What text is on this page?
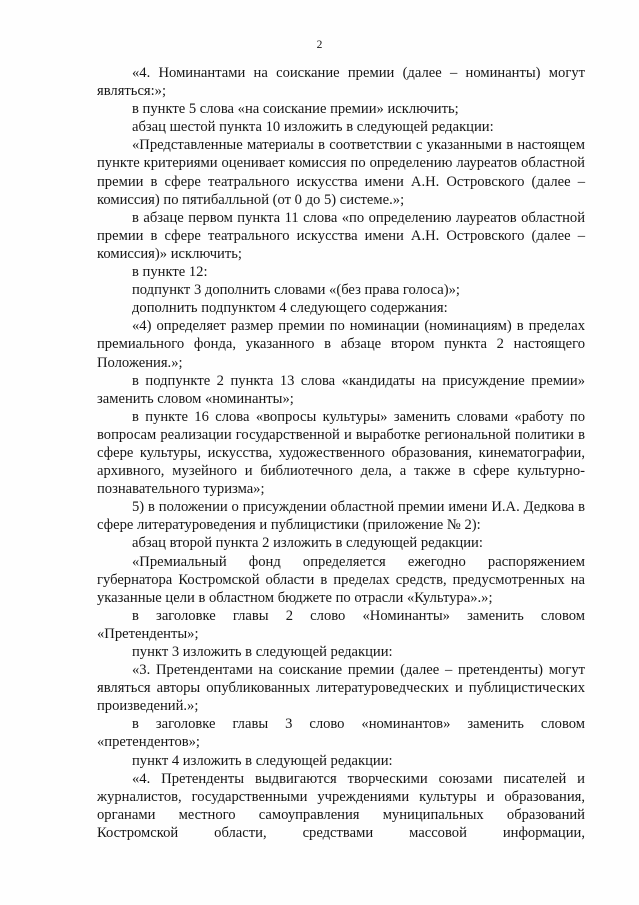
2

«4. Номинантами на соискание премии (далее – номинанты) могут являться:»;

в пункте 5 слова «на соискание премии» исключить;

абзац шестой пункта 10 изложить в следующей редакции:

«Представленные материалы в соответствии с указанными в настоящем пункте критериями оценивает комиссия по определению лауреатов областной премии в сфере театрального искусства имени А.Н. Островского (далее – комиссия) по пятибалльной (от 0 до 5) системе.»;

в абзаце первом пункта 11 слова «по определению лауреатов областной премии в сфере театрального искусства имени А.Н. Островского (далее – комиссия)» исключить;

в пункте 12:

подпункт 3 дополнить словами «(без права голоса)»;

дополнить подпунктом 4 следующего содержания:

«4) определяет размер премии по номинации (номинациям) в пределах премиального фонда, указанного в абзаце втором пункта 2 настоящего Положения.»;

в подпункте 2 пункта 13 слова «кандидаты на присуждение премии» заменить словом «номинанты»;

в пункте 16 слова «вопросы культуры» заменить словами «работу по вопросам реализации государственной и выработке региональной политики в сфере культуры, искусства, художественного образования, кинематографии, архивного, музейного и библиотечного дела, а также в сфере культурно-познавательного туризма»;

5) в положении о присуждении областной премии имени И.А. Дедкова в сфере литературоведения и публицистики (приложение № 2):

абзац второй пункта 2 изложить в следующей редакции:

«Премиальный фонд определяется ежегодно распоряжением губернатора Костромской области в пределах средств, предусмотренных на указанные цели в областном бюджете по отрасли «Культура».»;

в заголовке главы 2 слово «Номинанты» заменить словом «Претенденты»;

пункт 3 изложить в следующей редакции:

«3. Претендентами на соискание премии (далее – претенденты) могут являться авторы опубликованных литературоведческих и публицистических произведений.»;

в заголовке главы 3 слово «номинантов» заменить словом «претендентов»;

пункт 4 изложить в следующей редакции:

«4. Претенденты выдвигаются творческими союзами писателей и журналистов, государственными учреждениями культуры и образования, органами местного самоуправления муниципальных образований Костромской области, средствами массовой информации,
